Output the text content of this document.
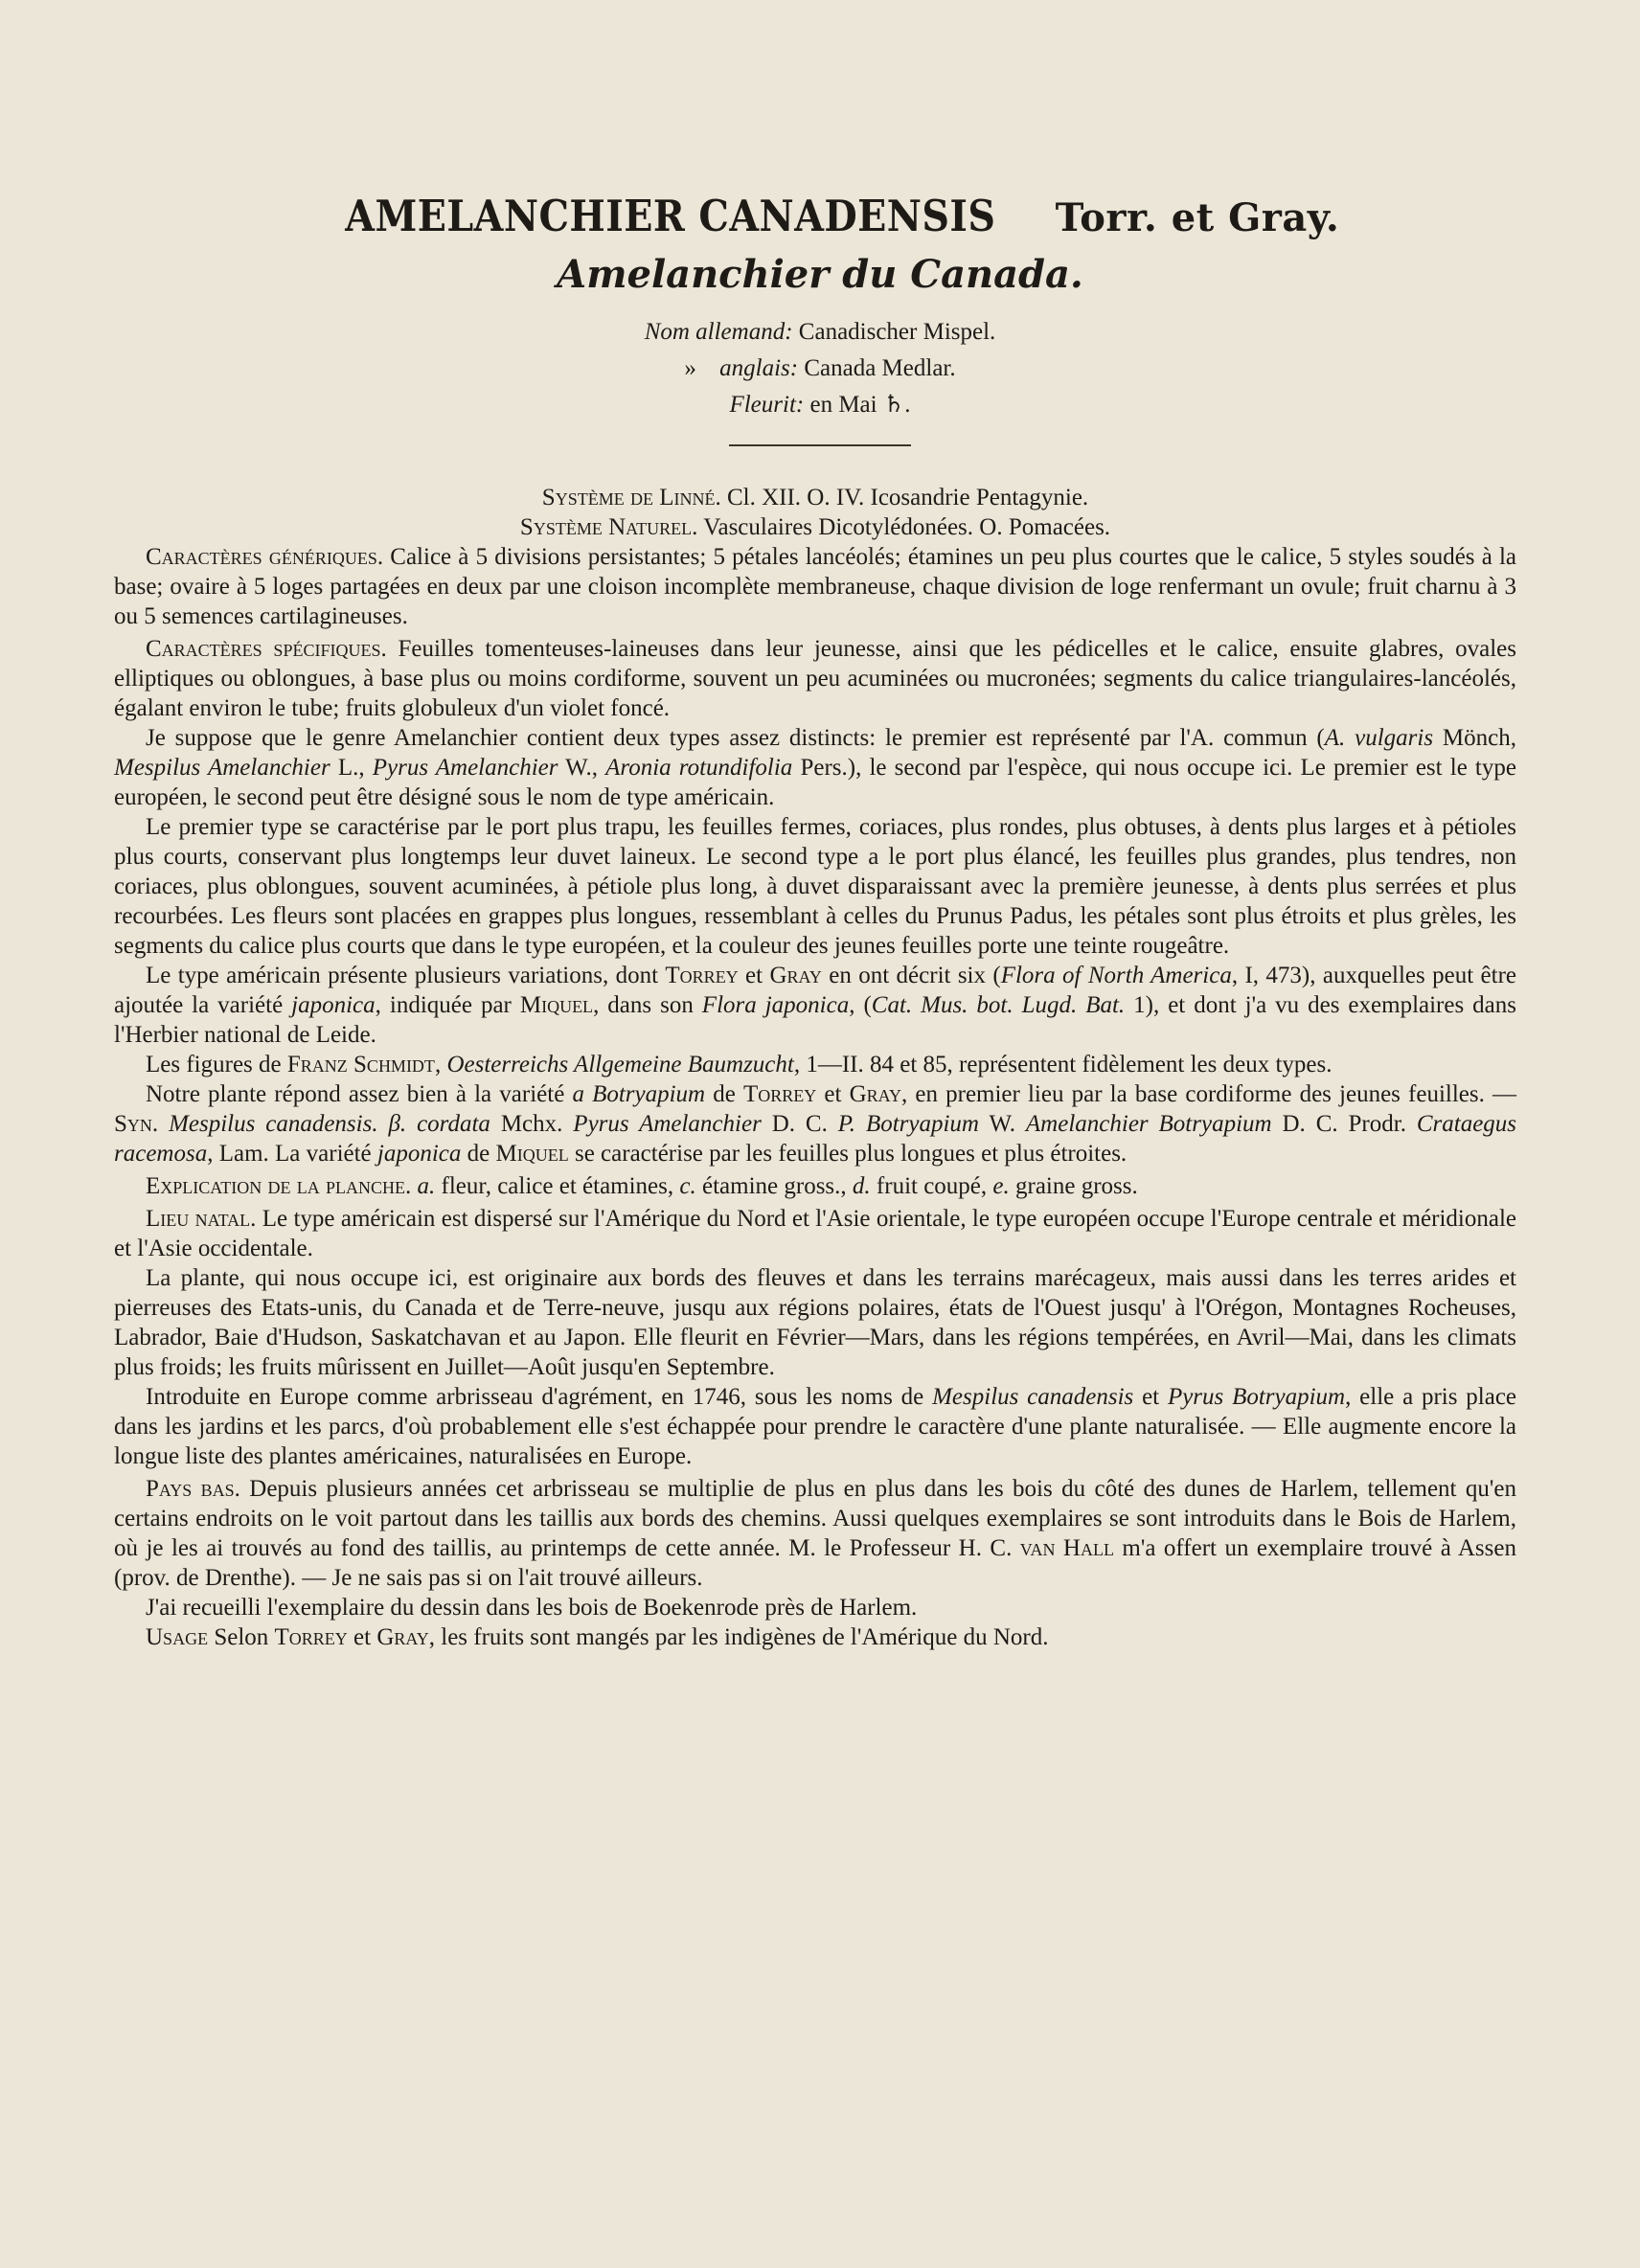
AMELANCHIER CANADENSIS Torr. et Gray.
Amelanchier du Canada.
Nom allemand: Canadischer Mispel.
» anglais: Canada Medlar.
Fleurit: en Mai ♄.

Système de Linné. Cl. XII. O. IV. Icosandrie Pentagynie.

Système Naturel. Vasculaires Dicotylédonées. O. Pomacées.

Caractères génériques. Calice à 5 divisions persistantes; 5 pétales lancéolés; étamines un peu plus courtes que le calice, 5 styles soudés à la base; ovaire à 5 loges partagées en deux par une cloison incomplète membraneuse, chaque division de loge renfermant un ovule; fruit charnu à 3 ou 5 semences cartilagineuses.

Caractères spécifiques. Feuilles tomenteuses-laineuses dans leur jeunesse, ainsi que les pédicelles et le calice, ensuite glabres, ovales elliptiques ou oblongues, à base plus ou moins cordiforme, souvent un peu acuminées ou mucronées; segments du calice triangulaires-lancéolés, égalant environ le tube; fruits globuleux d'un violet foncé.

Je suppose que le genre Amelanchier contient deux types assez distincts: le premier est représenté par l'A. commun (A. vulgaris Mönch, Mespilus Amelanchier L., Pyrus Amelanchier W., Aronia rotundifolia Pers.), le second par l'espèce, qui nous occupe ici. Le premier est le type européen, le second peut être désigné sous le nom de type américain.

Le premier type se caractérise par le port plus trapu, les feuilles fermes, coriaces, plus rondes, plus obtuses, à dents plus larges et à pétioles plus courts, conservant plus longtemps leur duvet laineux. Le second type a le port plus élancé, les feuilles plus grandes, plus tendres, non coriaces, plus oblongues, souvent acuminées, à pétiole plus long, à duvet disparaissant avec la première jeunesse, à dents plus serrées et plus recourbées. Les fleurs sont placées en grappes plus longues, ressemblant à celles du Prunus Padus, les pétales sont plus étroits et plus grèles, les segments du calice plus courts que dans le type européen, et la couleur des jeunes feuilles porte une teinte rougeâtre.

Le type américain présente plusieurs variations, dont Torrey et Gray en ont décrit six (Flora of North America, I, 473), auxquelles peut être ajoutée la variété japonica, indiquée par Miquel, dans son Flora japonica, (Cat. Mus. bot. Lugd. Bat. 1), et dont j'a vu des exemplaires dans l'Herbier national de Leide.

Les figures de Franz Schmidt, Oesterreichs Allgemeine Baumzucht, 1—II. 84 et 85, représentent fidèlement les deux types.

Notre plante répond assez bien à la variété a Botryapium de Torrey et Gray, en premier lieu par la base cordiforme des jeunes feuilles. — Syn. Mespilus canadensis. β. cordata Mchx. Pyrus Amelanchier D. C. P. Botryapium W. Amelanchier Botryapium D. C. Prodr. Crataegus racemosa, Lam. La variété japonica de Miquel se caractérise par les feuilles plus longues et plus étroites.

Explication de la planche. a. fleur, calice et étamines, c. étamine gross., d. fruit coupé, e. graine gross.

Lieu natal. Le type américain est dispersé sur l'Amérique du Nord et l'Asie orientale, le type européen occupe l'Europe centrale et méridionale et l'Asie occidentale.

La plante, qui nous occupe ici, est originaire aux bords des fleuves et dans les terrains marécageux, mais aussi dans les terres arides et pierreuses des Etats-unis, du Canada et de Terre-neuve, jusqu aux régions polaires, états de l'Ouest jusqu' à l'Orégon, Montagnes Rocheuses, Labrador, Baie d'Hudson, Saskatchavan et au Japon. Elle fleurit en Février—Mars, dans les régions tempérées, en Avril—Mai, dans les climats plus froids; les fruits mûrissent en Juillet—Août jusqu'en Septembre.

Introduite en Europe comme arbrisseau d'agrément, en 1746, sous les noms de Mespilus canadensis et Pyrus Botryapium, elle a pris place dans les jardins et les parcs, d'où probablement elle s'est échappée pour prendre le caractère d'une plante naturalisée. — Elle augmente encore la longue liste des plantes américaines, naturalisées en Europe.

Pays bas. Depuis plusieurs années cet arbrisseau se multiplie de plus en plus dans les bois du côté des dunes de Harlem, tellement qu'en certains endroits on le voit partout dans les taillis aux bords des chemins. Aussi quelques exemplaires se sont introduits dans le Bois de Harlem, où je les ai trouvés au fond des taillis, au printemps de cette année. M. le Professeur H. C. van Hall m'a offert un exemplaire trouvé à Assen (prov. de Drenthe). — Je ne sais pas si on l'ait trouvé ailleurs.

J'ai recueilli l'exemplaire du dessin dans les bois de Boekenrode près de Harlem.

Usage Selon Torrey et Gray, les fruits sont mangés par les indigènes de l'Amérique du Nord.
